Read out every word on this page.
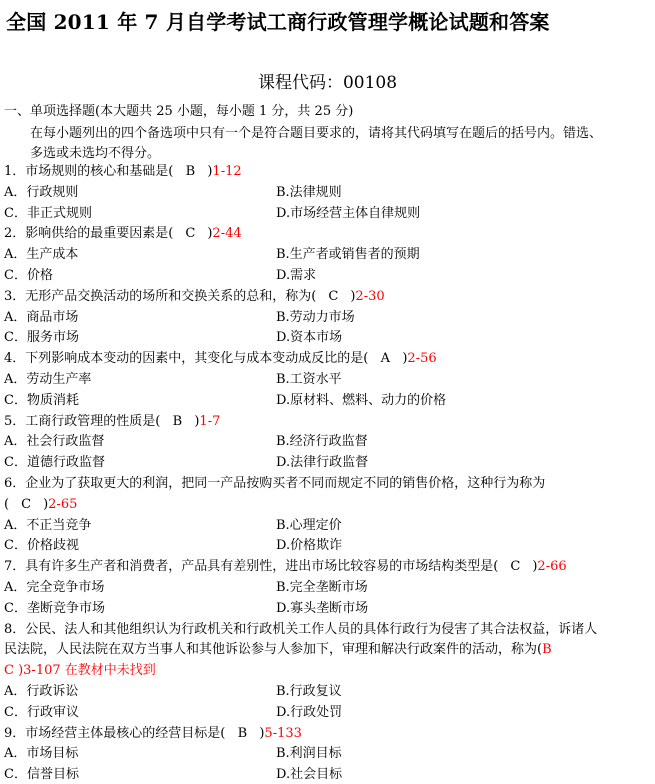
全国 2011 年 7 月自学考试工商行政管理学概论试题和答案
课程代码：00108
一、单项选择题(本大题共 25 小题，每小题 1 分，共 25 分)
在每小题列出的四个备选项中只有一个是符合题目要求的，请将其代码填写在题后的括号内。错选、
多选或未选均不得分。
1．市场规则的核心和基础是( B )1-12
A．行政规则	B.法律规则
C．非正式规则	D.市场经营主体自律规则
2．影响供给的最重要因素是( C )2-44
A．生产成本	B.生产者或销售者的预期
C．价格	D.需求
3．无形产品交换活动的场所和交换关系的总和，称为( C )2-30
A．商品市场	B.劳动力市场
C．服务市场	D.资本市场
4．下列影响成本变动的因素中，其变化与成本变动成反比的是( A )2-56
A．劳动生产率	B.工资水平
C．物质消耗	D.原材料、燃料、动力的价格
5．工商行政管理的性质是( B )1-7
A．社会行政监督	B.经济行政监督
C．道德行政监督	D.法律行政监督
6．企业为了获取更大的利润，把同一产品按购买者不同而规定不同的销售价格，这种行为称为
( C )2-65
A．不正当竞争	B.心理定价
C．价格歧视	D.价格欺诈
7．具有许多生产者和消费者，产品具有差别性，进出市场比较容易的市场结构类型是( C )2-66
A．完全竞争市场	B.完全垄断市场
C．垄断竞争市场	D.寡头垄断市场
8．公民、法人和其他组织认为行政机关和行政机关工作人员的具体行政行为侵害了其合法权益，诉诸人
民法院，人民法院在双方当事人和其他诉讼参与人参加下，审理和解决行政案件的活动，称为(B
C )3-107 在教材中未找到
A．行政诉讼	B.行政复议
C．行政审议	D.行政处罚
9．市场经营主体最核心的经营目标是( B )5-133
A．市场目标	B.利润目标
C．信誉目标	D.社会目标
